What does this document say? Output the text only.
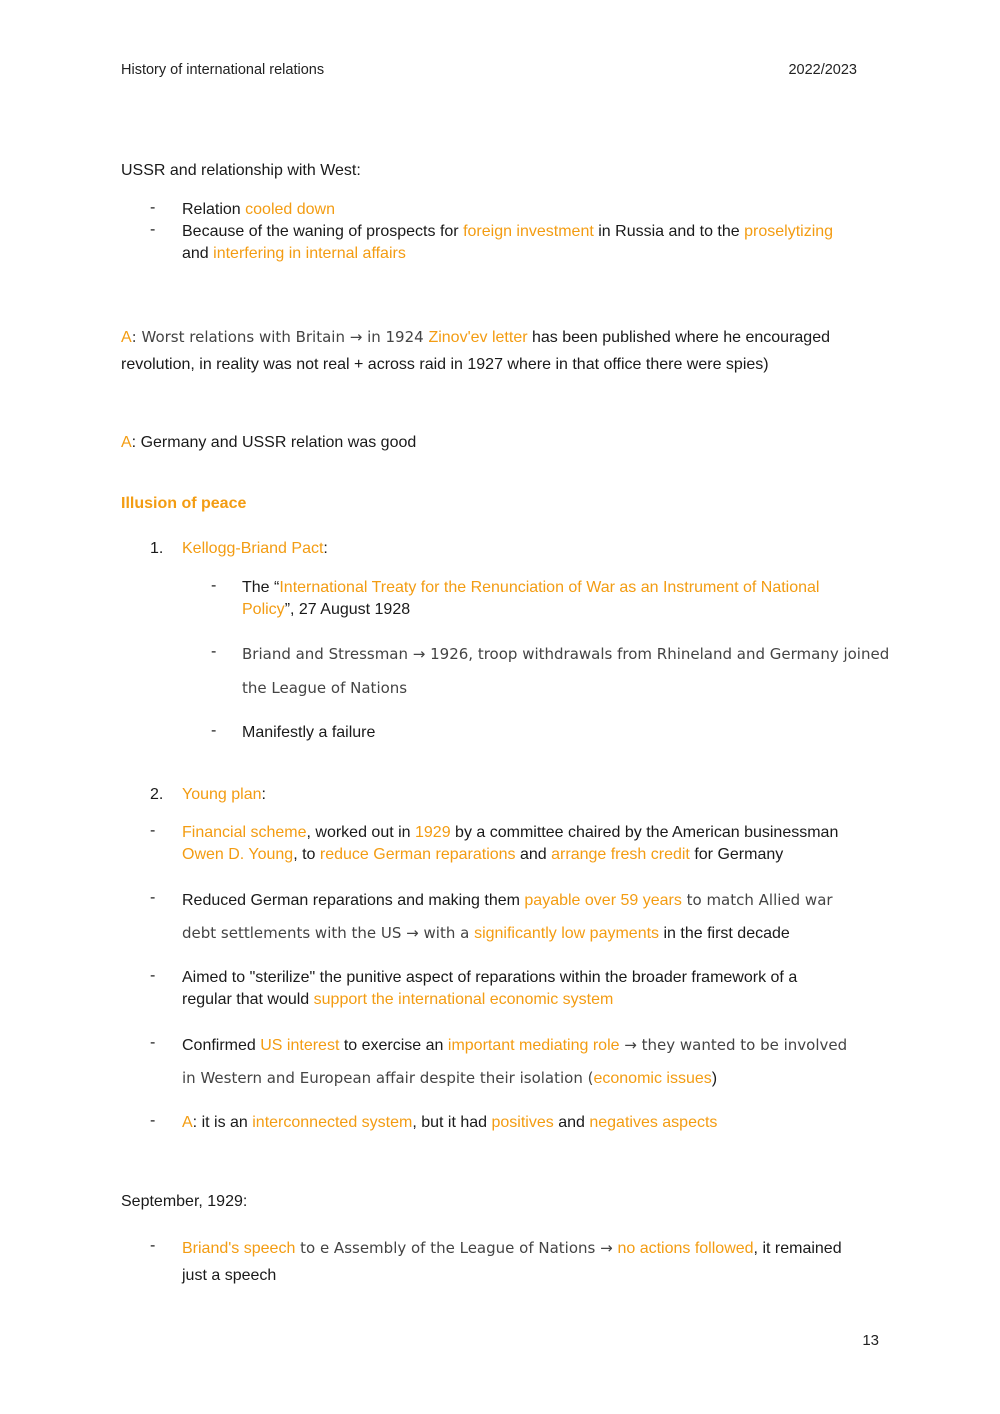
History of international relations	2022/2023
USSR and relationship with West:
- Relation cooled down
- Because of the waning of prospects for foreign investment in Russia and to the proselytizing
and interfering in internal affairs
A: Worst relations with Britain → in 1924 Zinov'ev letter has been published where he encouraged
revolution, in reality was not real + across raid in 1927 where in that office there were spies)
A: Germany and USSR relation was good
Illusion of peace
1. Kellogg-Briand Pact:
- The “International Treaty for the Renunciation of War as an Instrument of National
Policy”, 27 August 1928
- Briand and Stressman → 1926, troop withdrawals from Rhineland and Germany joined
the League of Nations
- Manifestly a failure
2. Young plan:
- Financial scheme, worked out in 1929 by a committee chaired by the American businessman
Owen D. Young, to reduce German reparations and arrange fresh credit for Germany
- Reduced German reparations and making them payable over 59 years to match Allied war
debt settlements with the US → with a significantly low payments in the first decade
- Aimed to "sterilize" the punitive aspect of reparations within the broader framework of a
regular that would support the international economic system
- Confirmed US interest to exercise an important mediating role → they wanted to be involved
in Western and European affair despite their isolation (economic issues)
- A: it is an interconnected system, but it had positives and negatives aspects
September, 1929:
- Briand's speech to e Assembly of the League of Nations → no actions followed, it remained
just a speech
13
